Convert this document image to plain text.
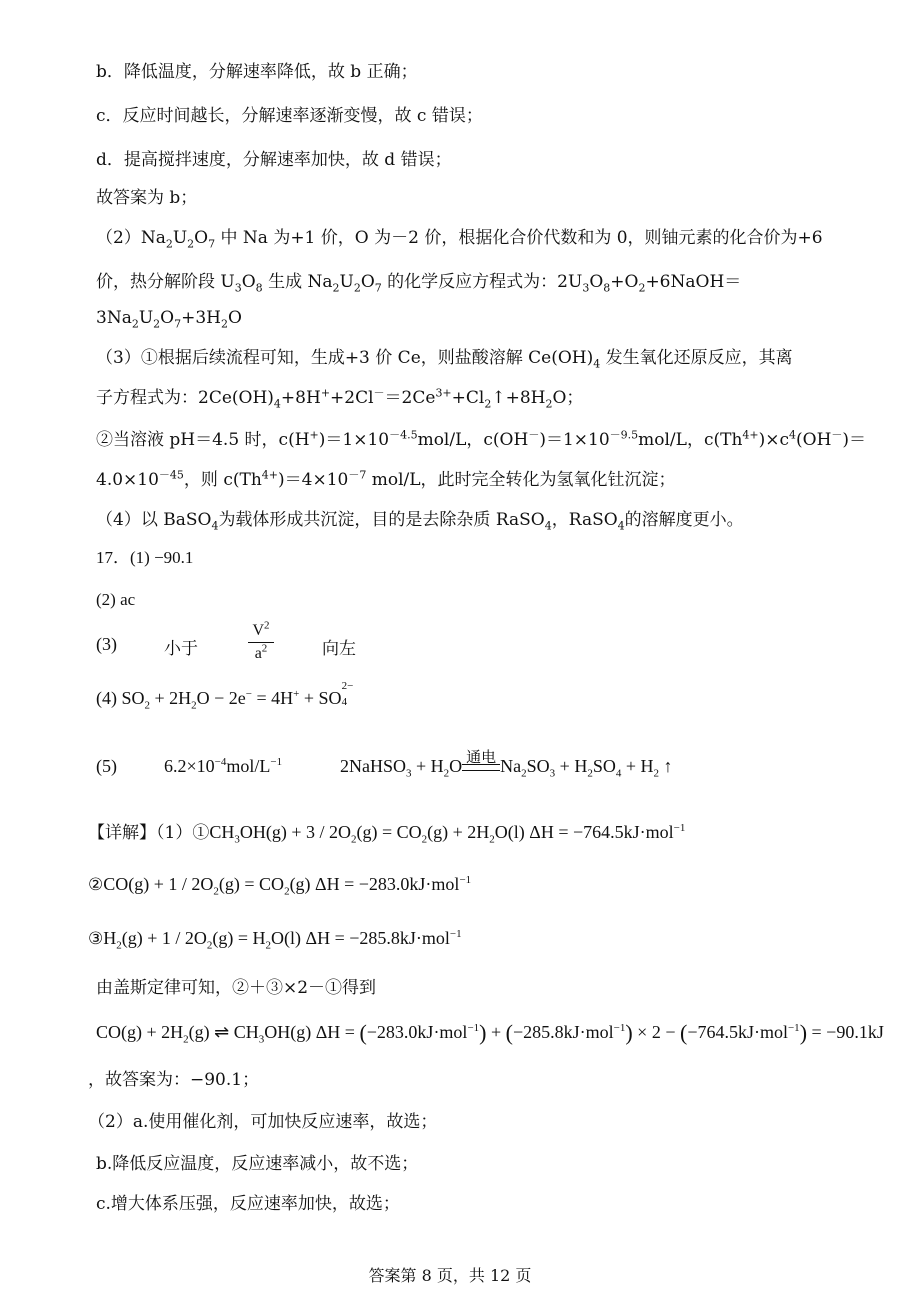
b．降低温度，分解速率降低，故 b 正确；
c．反应时间越长，分解速率逐渐变慢，故 c 错误；
d．提高搅拌速度，分解速率加快，故 d 错误；
故答案为 b；
$(2)Na_2U_2O_7$ 中 Na 为+1 价，O 为－2 价，根据化合价代数和为 0，则铀元素的化合价为+6
价，热分解阶段 $U_3O_8$ 生成 $Na_2U_2O_7$ 的化学反应方程式为：$2U_3O_8+O_2+6NaOH=$
$3Na_2U_2O_7+3H_2O$
（3）①根据后续流程可知，生成+3 价 Ce，则盐酸溶解 $Ce(OH)_4$ 发生氧化还原反应，其离
子方程式为：$2Ce(OH)_4+8H^++2Cl^-=2Ce^{3+}+Cl_2↑+8H_2O$；
②当溶液 pH＝4.5 时，$c(H^+)=1\times 10^{-4.5}mol/L$，$c(OH^-)=1\times 10^{-9.5}mol/L$，$c(Th^{4+})\times c^4(OH^-)=$
$4.0\times 10^{-45}$，则 $c(Th^{4+})=4\times 10^{-7}$ mol/L，此时完全转化为氢氧化钍沉淀；
（4）以 BaSO$_4$为载体形成共沉淀，目的是去除杂质 RaSO$_4$，RaSO$_4$的溶解度更小。
17．(1) −90.1
(2) ac
(3)	小于	$\frac{V^2}{a^2}$	向左
(4) $SO_2 + 2H_2O - 2e^- = 4H^+ + SO^{2-}$
4
(5)	$6.2\times 10^{-4}mol/L^{-1}$	2NaHSO$_3$ + $H_2O$ 通电 $Na_2SO_3 + H_2SO_4 + H_2$ ↑
【详解】$(1)①CH_3OH(g) + 3 / 2O_2(g) = CO_2(g) + 2H_2O(l) \Delta H = -764.5kJ\cdot mol^{-1}$
②CO(g) + $1 / 2O_2(g) = CO_2(g) \Delta H = -283.0kJ\cdot mol^{-1}$
$③H_2(g) + 1 / 2O_2(g) = H_2O(l) \Delta H = -285.8kJ\cdot mol^{-1}$
由盖斯定律可知，②＋③×2－①得到
$CO(g) + 2H_2(g)$ ⇌ $CH_3OH(g) \Delta H = (-283.0kJ\cdot mol^{-1}) + (-285.8kJ\cdot mol^{-1}) \times 2 - (-764.5kJ\cdot mol^{-1}) = -90.1kJ$
，故答案为：−90.1；
（2）a.使用催化剂，可加快反应速率，故选；
b.降低反应温度，反应速率减小，故不选；
c.增大体系压强，反应速率加快，故选；
答案第 8 页，共 12 页
